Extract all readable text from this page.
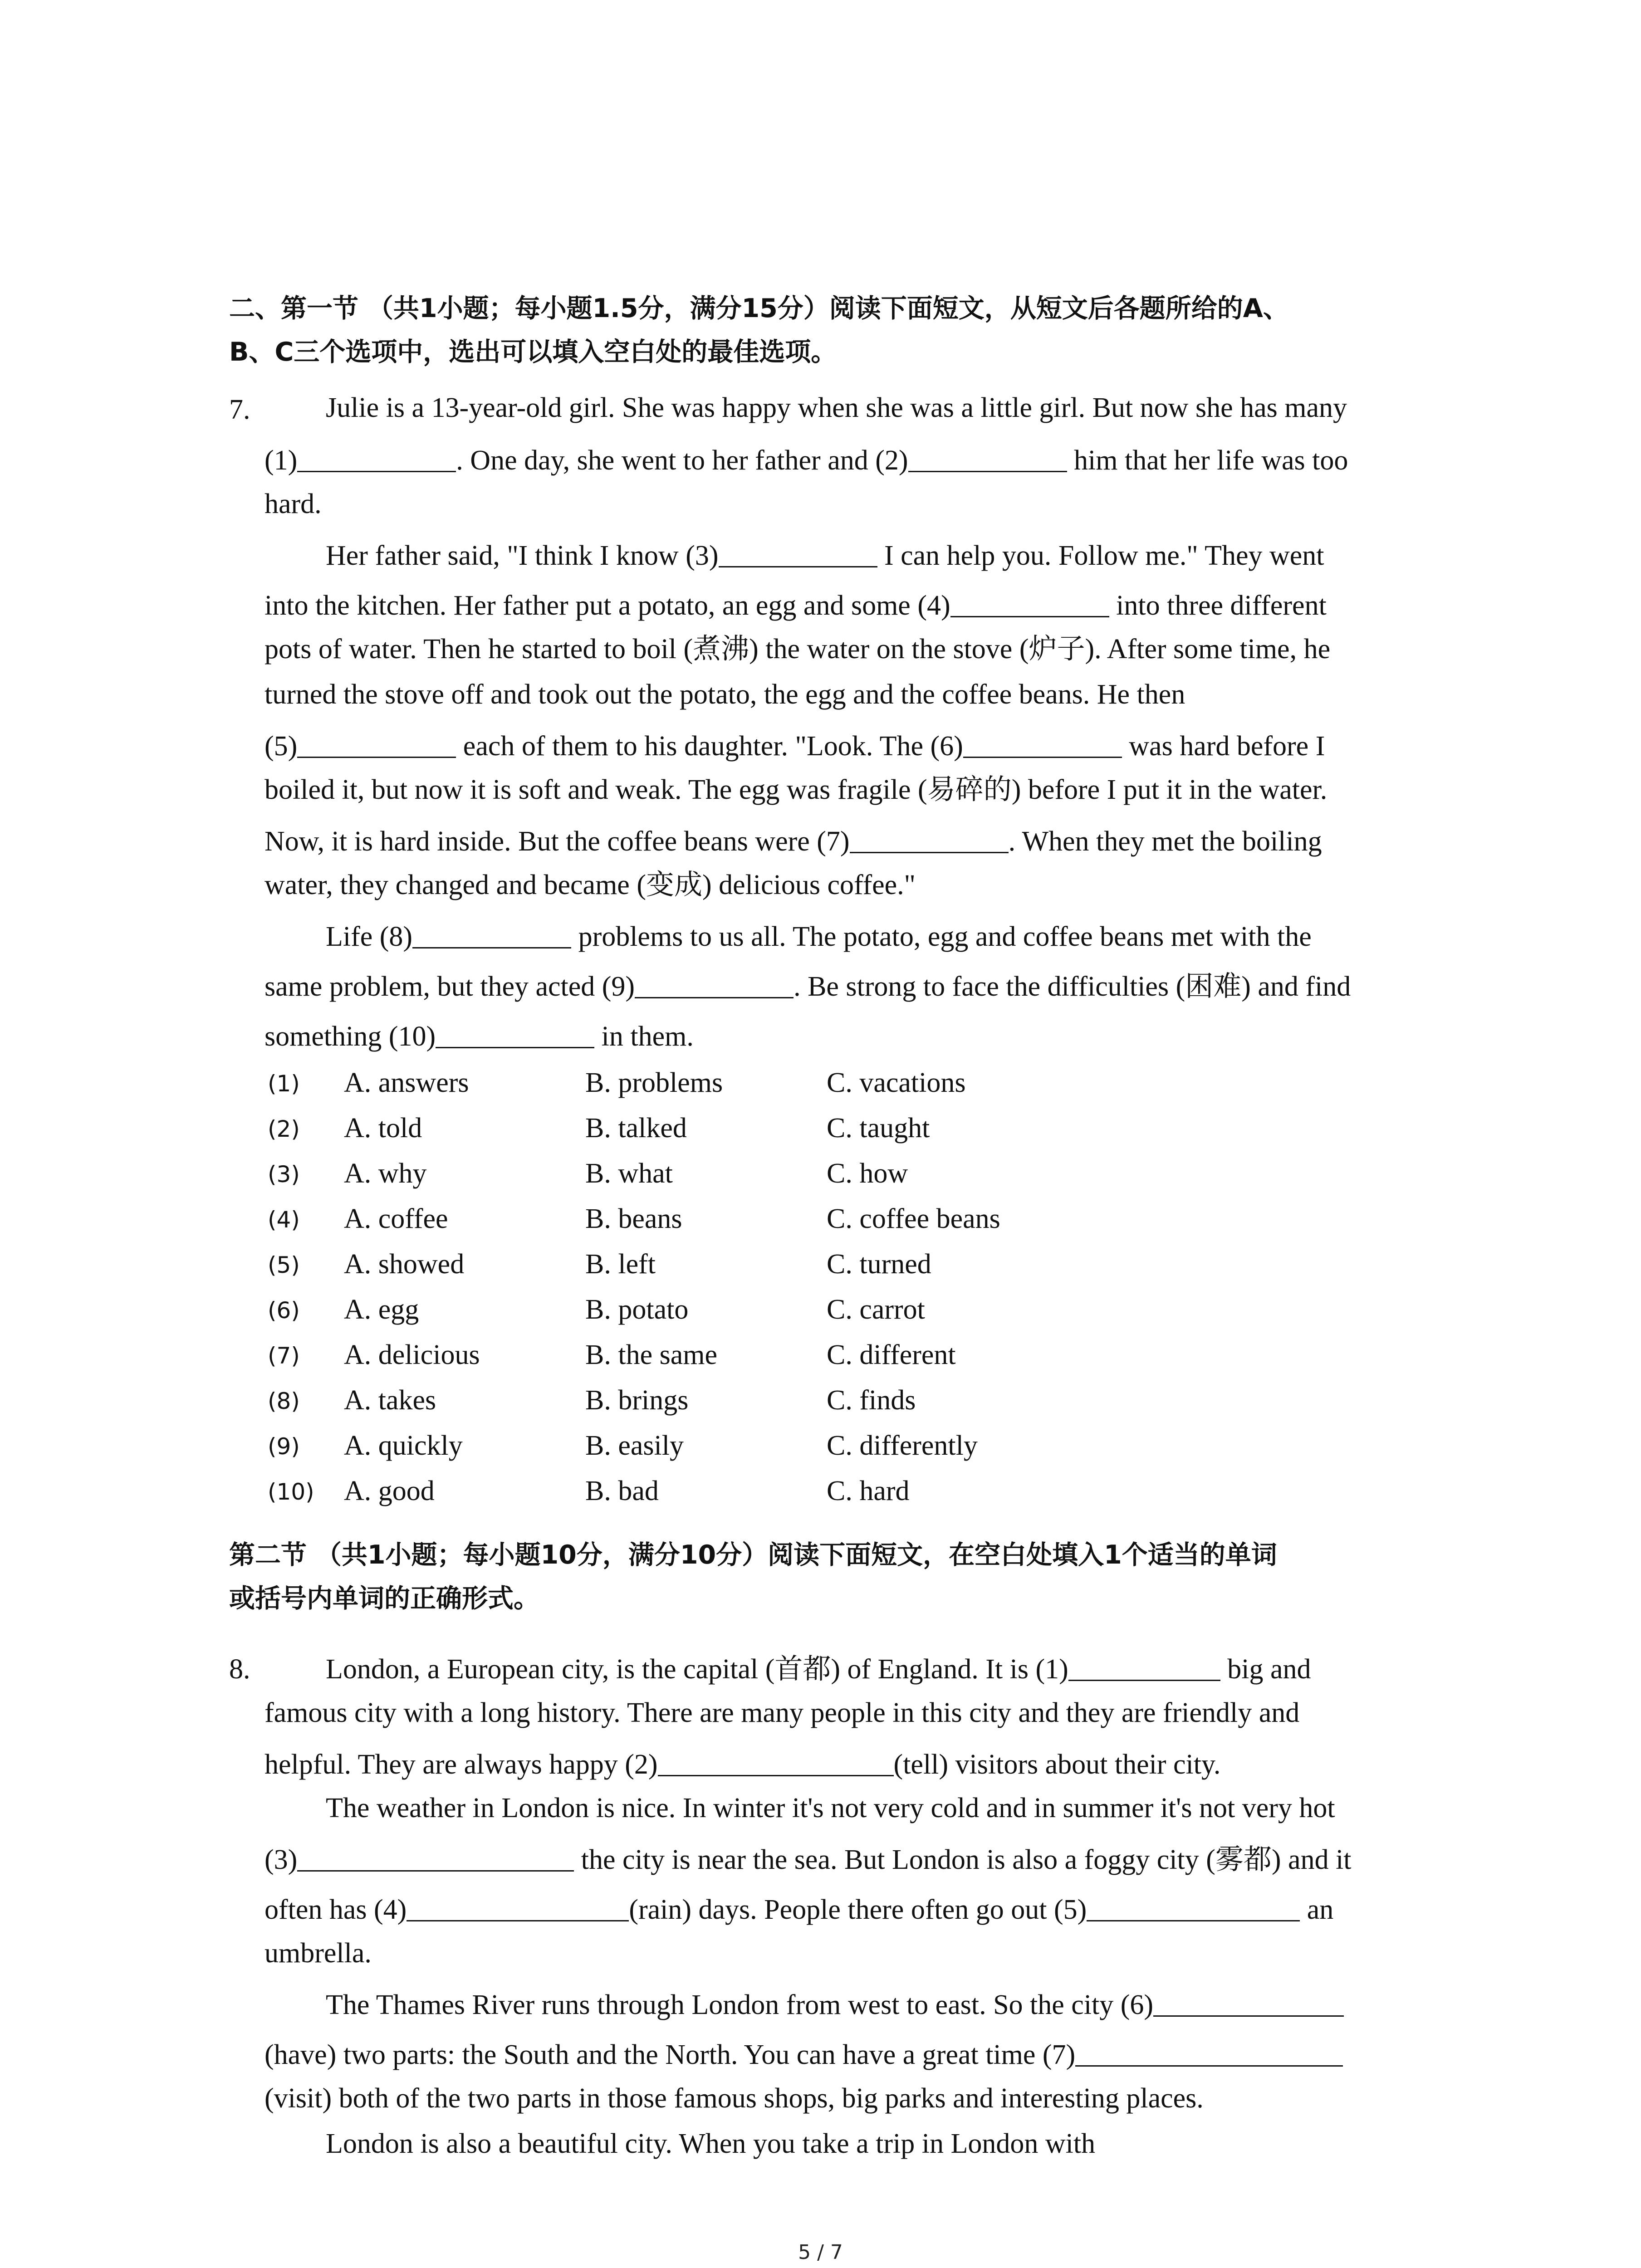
二、第一节 （共1小题；每小题1.5分，满分15分）阅读下面短文，从短文后各题所给的A、
B、C三个选项中，选出可以填入空白处的最佳选项。
7.	Julie is a 13-year-old girl. She was happy when she was a little girl. But now she has many
(1)	. One day, she went to her father and (2)	him that her life was too
hard.
Her father said, "I think I know (3)	I can help you. Follow me." They went
into the kitchen. Her father put a potato, an egg and some (4)	into three different
pots of water. Then he started to boil (煮沸) the water on the stove (炉子). After some time, he
turned the stove off and took out the potato, the egg and the coffee beans. He then
(5)	each of them to his daughter. "Look. The (6)	was hard before I
boiled it, but now it is soft and weak. The egg was fragile (易碎的) before I put it in the water.
Now, it is hard inside. But the coffee beans were (7)	. When they met the boiling
water, they changed and became (变成) delicious coffee."
Life (8)	problems to us all. The potato, egg and coffee beans met with the
same problem, but they acted (9)	. Be strong to face the difficulties (困难) and find
something (10)	in them.
(1) A. answers	B. problems	C. vacations
(2) A. told	B. talked	C. taught
(3) A. why	B. what	C. how
(4) A. coffee	B. beans	C. coffee beans
(5) A. showed	B. left	C. turned
(6) A. egg	B. potato	C. carrot
(7) A. delicious	B. the same	C. different
(8) A. takes	B. brings	C. finds
(9) A. quickly	B. easily	C. differently
(10) A. good	B. bad	C. hard
第二节 （共1小题；每小题10分，满分10分）阅读下面短文，在空白处填入1个适当的单词
或括号内单词的正确形式。
8.	London, a European city, is the capital (首都) of England. It is (1)	big and
famous city with a long history. There are many people in this city and they are friendly and
helpful. They are always happy (2)	(tell) visitors about their city.
The weather in London is nice. In winter it's not very cold and in summer it's not very hot
(3)	the city is near the sea. But London is also a foggy city (雾都) and it
often has (4)	(rain) days. People there often go out (5)	an
umbrella.
The Thames River runs through London from west to east. So the city (6)
(have) two parts: the South and the North. You can have a great time (7)
(visit) both of the two parts in those famous shops, big parks and interesting places.
London is also a beautiful city. When you take a trip in London with
5 / 7
